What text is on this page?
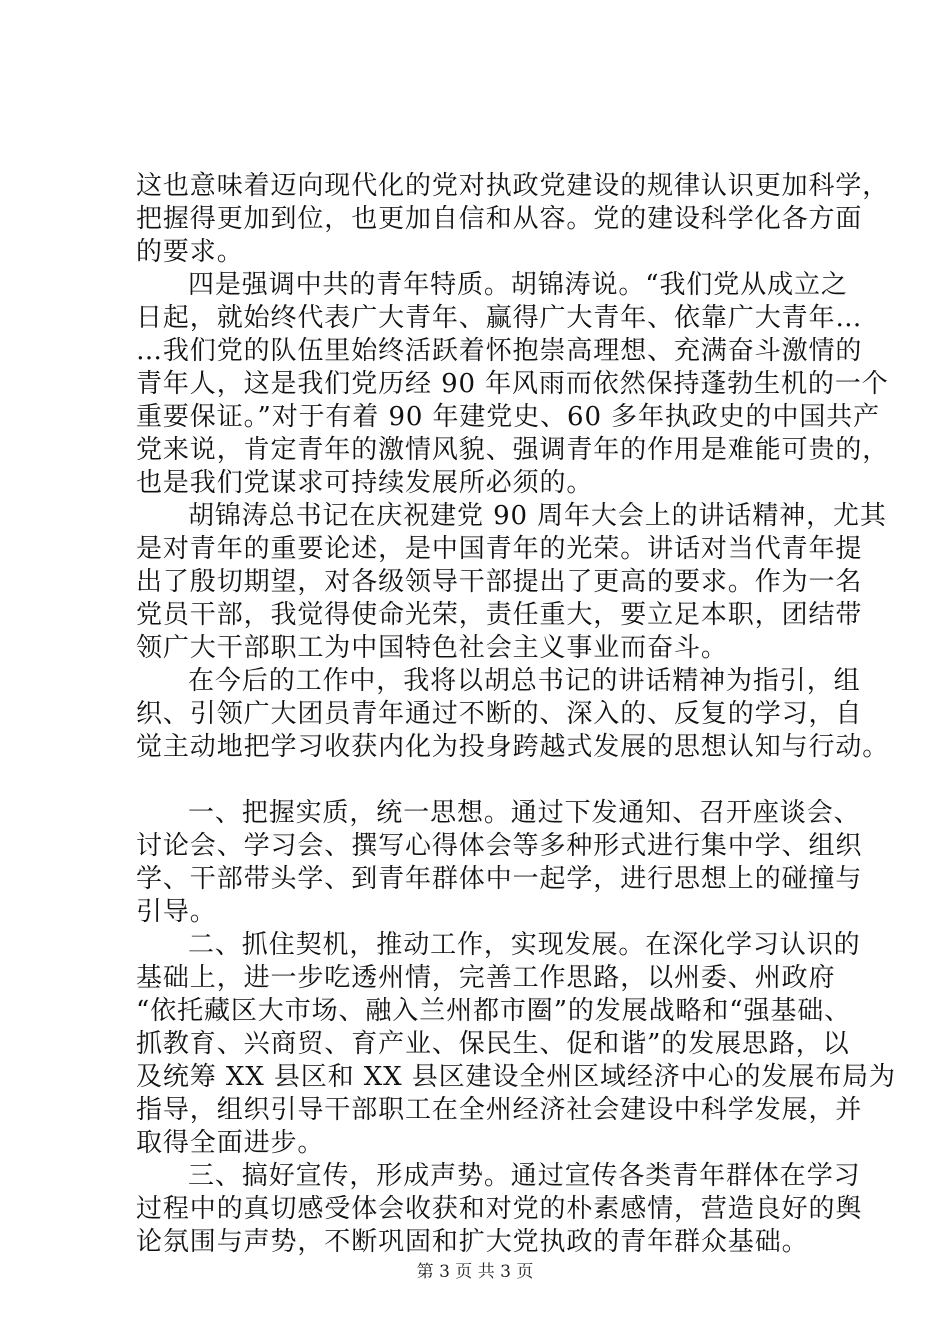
这也意味着迈向现代化的党对执政党建设的规律认识更加科学，
把握得更加到位，也更加自信和从容。党的建设科学化各方面
的要求。
四是强调中共的青年特质。胡锦涛说。“我们党从成立之
日起，就始终代表广大青年、赢得广大青年、依靠广大青年…
…我们党的队伍里始终活跃着怀抱崇高理想、充满奋斗激情的
青年人，这是我们党历经 90 年风雨而依然保持蓬勃生机的一个
重要保证。”对于有着 90 年建党史、60 多年执政史的中国共产
党来说，肯定青年的激情风貌、强调青年的作用是难能可贵的，
也是我们党谋求可持续发展所必须的。
胡锦涛总书记在庆祝建党 90 周年大会上的讲话精神，尤其
是对青年的重要论述，是中国青年的光荣。讲话对当代青年提
出了殷切期望，对各级领导干部提出了更高的要求。作为一名
党员干部，我觉得使命光荣，责任重大，要立足本职，团结带
领广大干部职工为中国特色社会主义事业而奋斗。
在今后的工作中，我将以胡总书记的讲话精神为指引，组
织、引领广大团员青年通过不断的、深入的、反复的学习，自
觉主动地把学习收获内化为投身跨越式发展的思想认知与行动。
一、把握实质，统一思想。通过下发通知、召开座谈会、
讨论会、学习会、撰写心得体会等多种形式进行集中学、组织
学、干部带头学、到青年群体中一起学，进行思想上的碰撞与
引导。
二、抓住契机，推动工作，实现发展。在深化学习认识的
基础上，进一步吃透州情，完善工作思路，以州委、州政府
“依托藏区大市场、融入兰州都市圈”的发展战略和“强基础、
抓教育、兴商贸、育产业、保民生、促和谐”的发展思路，以
及统筹 XX 县区和 XX 县区建设全州区域经济中心的发展布局为
指导，组织引导干部职工在全州经济社会建设中科学发展，并
取得全面进步。
三、搞好宣传，形成声势。通过宣传各类青年群体在学习
过程中的真切感受体会收获和对党的朴素感情，营造良好的舆
论氛围与声势，不断巩固和扩大党执政的青年群众基础。
第 3 页 共 3 页
